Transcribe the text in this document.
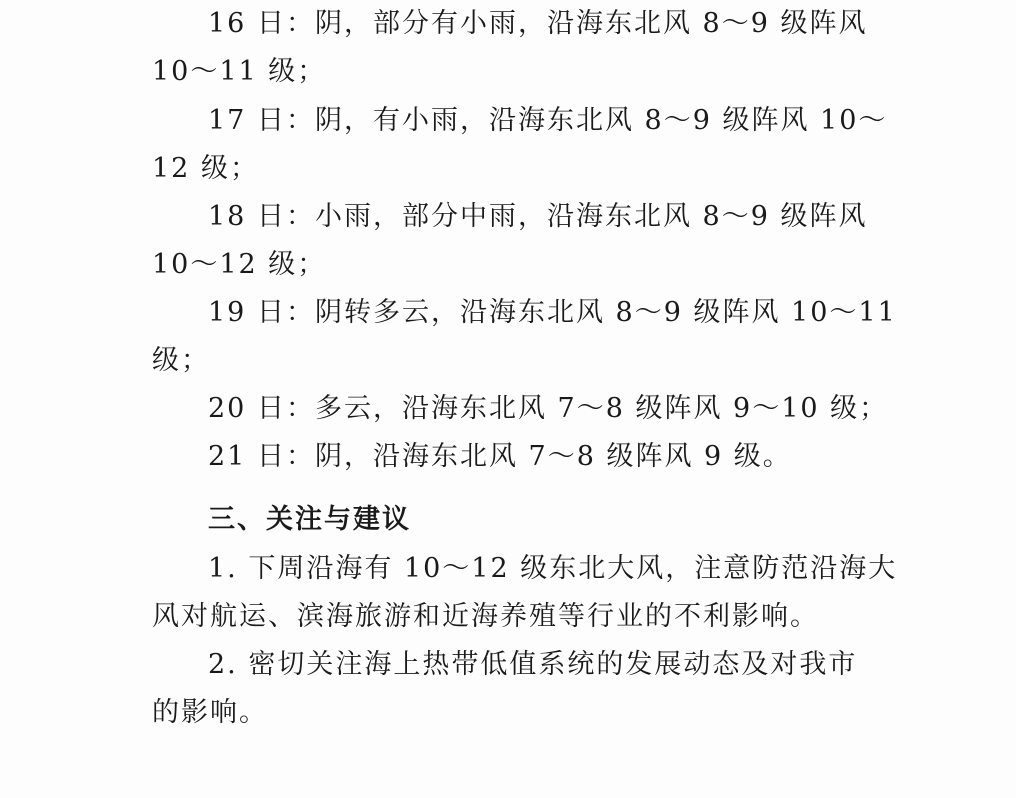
16 日：阴，部分有小雨，沿海东北风 8～9 级阵风
10～11 级；
17 日：阴，有小雨，沿海东北风 8～9 级阵风 10～
12 级；
18 日：小雨，部分中雨，沿海东北风 8～9 级阵风
10～12 级；
19 日：阴转多云，沿海东北风 8～9 级阵风 10～11
级；
20 日：多云，沿海东北风 7～8 级阵风 9～10 级；
21 日：阴，沿海东北风 7～8 级阵风 9 级。
三、关注与建议
1. 下周沿海有 10～12 级东北大风，注意防范沿海大
风对航运、滨海旅游和近海养殖等行业的不利影响。
2. 密切关注海上热带低值系统的发展动态及对我市
的影响。
